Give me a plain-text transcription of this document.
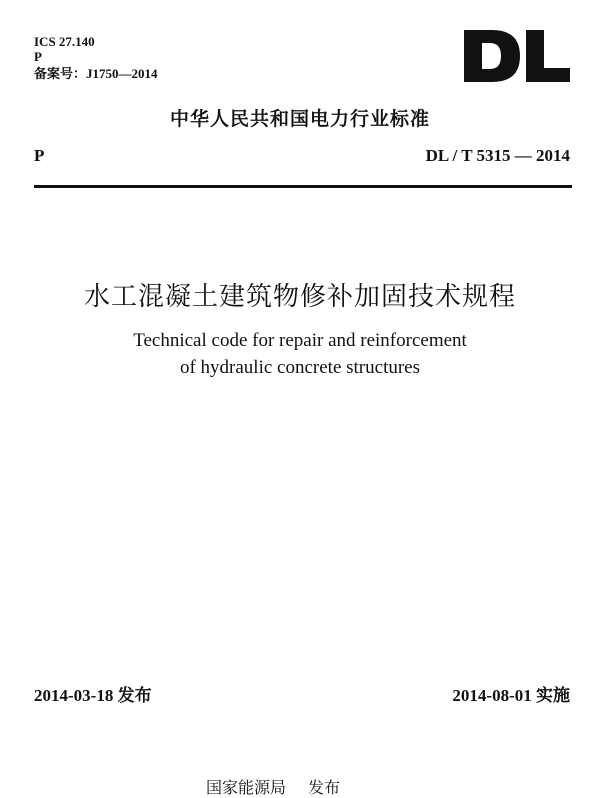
ICS 27.140
P
备案号：J1750—2014
中华人民共和国电力行业标准
P	DL / T 5315 — 2014
水工混凝土建筑物修补加固技术规程
Technical code for repair and reinforcement
of hydraulic concrete structures
2014-03-18 发布	2014-08-01 实施
国家能源局 发布
